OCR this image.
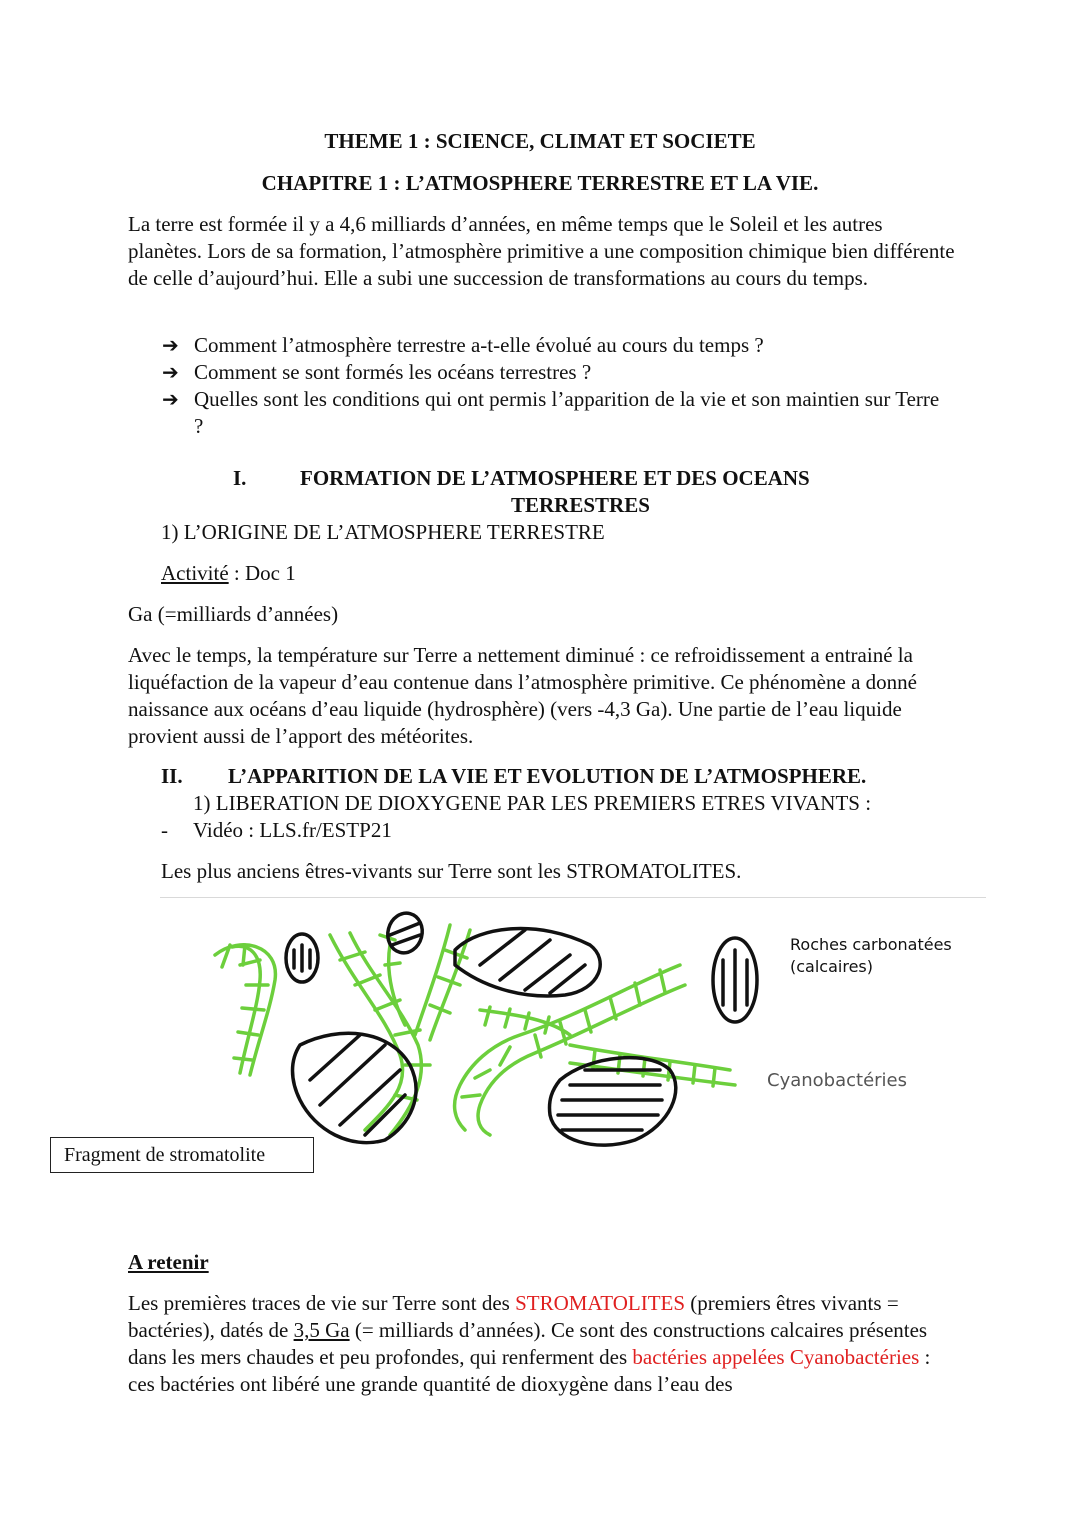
THEME 1 : SCIENCE, CLIMAT ET SOCIETE
CHAPITRE 1 : L’ATMOSPHERE TERRESTRE ET LA VIE.

La terre est formée il y a 4,6 milliards d’années, en même temps que le Soleil et les autres planètes. Lors de sa formation, l’atmosphère primitive a une composition chimique bien différente de celle d’aujourd’hui. Elle a subi une succession de transformations au cours du temps.

➔ Comment l’atmosphère terrestre a-t-elle évolué au cours du temps ?
➔ Comment se sont formés les océans terrestres ?
➔ Quelles sont les conditions qui ont permis l’apparition de la vie et son maintien sur Terre ?
I.	FORMATION DE L’ATMOSPHERE ET DES OCEANS
TERRESTRES
1) L’ORIGINE DE L’ATMOSPHERE TERRESTRE
Activité : Doc 1
Ga (=milliards d’années)

Avec le temps, la température sur Terre a nettement diminué : ce refroidissement a entrainé la liquéfaction de la vapeur d’eau contenue dans l’atmosphère primitive. Ce phénomène a donné naissance aux océans d’eau liquide (hydrosphère) (vers -4,3 Ga). Une partie de l’eau liquide provient aussi de l’apport des météorites.

II. L’APPARITION DE LA VIE ET EVOLUTION DE L’ATMOSPHERE.
1) LIBERATION DE DIOXYGENE PAR LES PREMIERS ETRES VIVANTS :
- Vidéo : LLS.fr/ESTP21
Les plus anciens êtres-vivants sur Terre sont les STROMATOLITES.
Roches carbonatées (calcaires)
Cyanobactéries
Fragment de stromatolite
A retenir

Les premières traces de vie sur Terre sont des STROMATOLITES (premiers êtres vivants = bactéries), datés de 3,5 Ga (= milliards d’années). Ce sont des constructions calcaires présentes dans les mers chaudes et peu profondes, qui renferment des bactéries appelées Cyanobactéries : ces bactéries ont libéré une grande quantité de dioxygène dans l’eau des
